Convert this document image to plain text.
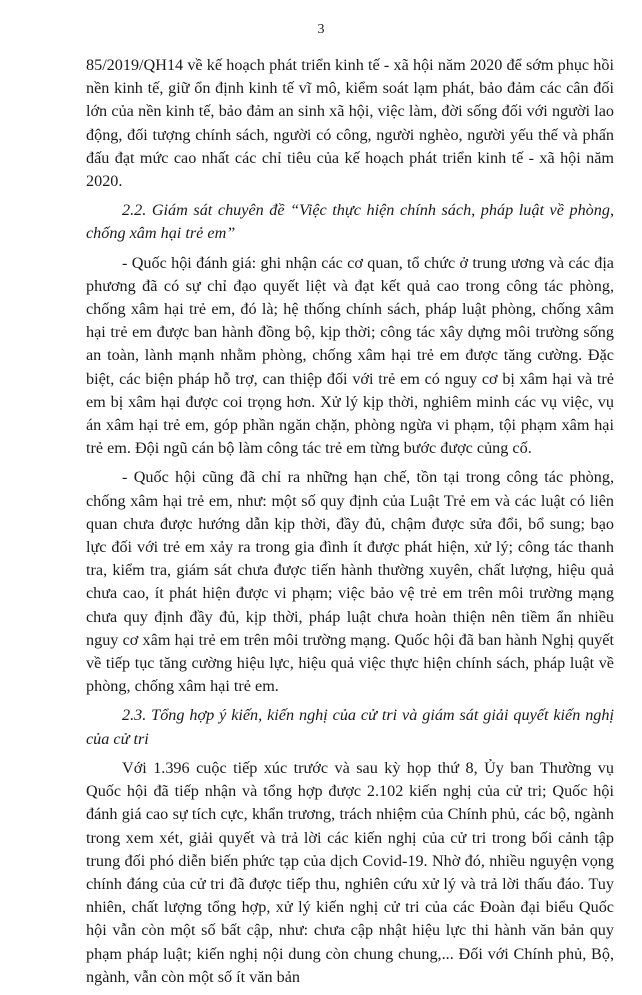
3

85/2019/QH14 về kế hoạch phát triển kinh tế - xã hội năm 2020 để sớm phục hồi nền kinh tế, giữ ổn định kinh tế vĩ mô, kiểm soát lạm phát, bảo đảm các cân đối lớn của nền kinh tế, bảo đảm an sinh xã hội, việc làm, đời sống đối với người lao động, đối tượng chính sách, người có công, người nghèo, người yếu thế và phấn đấu đạt mức cao nhất các chỉ tiêu của kế hoạch phát triển kinh tế - xã hội năm 2020.

2.2. Giám sát chuyên đề “Việc thực hiện chính sách, pháp luật về phòng, chống xâm hại trẻ em”

- Quốc hội đánh giá: ghi nhận các cơ quan, tổ chức ở trung ương và các địa phương đã có sự chỉ đạo quyết liệt và đạt kết quả cao trong công tác phòng, chống xâm hại trẻ em, đó là; hệ thống chính sách, pháp luật phòng, chống xâm hại trẻ em được ban hành đồng bộ, kịp thời; công tác xây dựng môi trường sống an toàn, lành mạnh nhằm phòng, chống xâm hại trẻ em được tăng cường. Đặc biệt, các biện pháp hỗ trợ, can thiệp đối với trẻ em có nguy cơ bị xâm hại và trẻ em bị xâm hại được coi trọng hơn. Xử lý kịp thời, nghiêm minh các vụ việc, vụ án xâm hại trẻ em, góp phần ngăn chặn, phòng ngừa vi phạm, tội phạm xâm hại trẻ em. Đội ngũ cán bộ làm công tác trẻ em từng bước được củng cố.

- Quốc hội cũng đã chỉ ra những hạn chế, tồn tại trong công tác phòng, chống xâm hại trẻ em, như: một số quy định của Luật Trẻ em và các luật có liên quan chưa được hướng dẫn kịp thời, đầy đủ, chậm được sửa đổi, bổ sung; bạo lực đối với trẻ em xảy ra trong gia đình ít được phát hiện, xử lý; công tác thanh tra, kiểm tra, giám sát chưa được tiến hành thường xuyên, chất lượng, hiệu quả chưa cao, ít phát hiện được vi phạm; việc bảo vệ trẻ em trên môi trường mạng chưa quy định đầy đủ, kịp thời, pháp luật chưa hoàn thiện nên tiềm ẩn nhiều nguy cơ xâm hại trẻ em trên môi trường mạng. Quốc hội đã ban hành Nghị quyết về tiếp tục tăng cường hiệu lực, hiệu quả việc thực hiện chính sách, pháp luật về phòng, chống xâm hại trẻ em.

2.3. Tổng hợp ý kiến, kiến nghị của cử tri và giám sát giải quyết kiến nghị của cử tri

Với 1.396 cuộc tiếp xúc trước và sau kỳ họp thứ 8, Ủy ban Thường vụ Quốc hội đã tiếp nhận và tổng hợp được 2.102 kiến nghị của cử tri; Quốc hội đánh giá cao sự tích cực, khẩn trương, trách nhiệm của Chính phủ, các bộ, ngành trong xem xét, giải quyết và trả lời các kiến nghị của cử tri trong bối cảnh tập trung đối phó diễn biến phức tạp của dịch Covid-19. Nhờ đó, nhiều nguyện vọng chính đáng của cử tri đã được tiếp thu, nghiên cứu xử lý và trả lời thấu đáo. Tuy nhiên, chất lượng tổng hợp, xử lý kiến nghị cử tri của các Đoàn đại biểu Quốc hội vẫn còn một số bất cập, như: chưa cập nhật hiệu lực thi hành văn bản quy phạm pháp luật; kiến nghị nội dung còn chung chung,... Đối với Chính phủ, Bộ, ngành, vẫn còn một số ít văn bản
